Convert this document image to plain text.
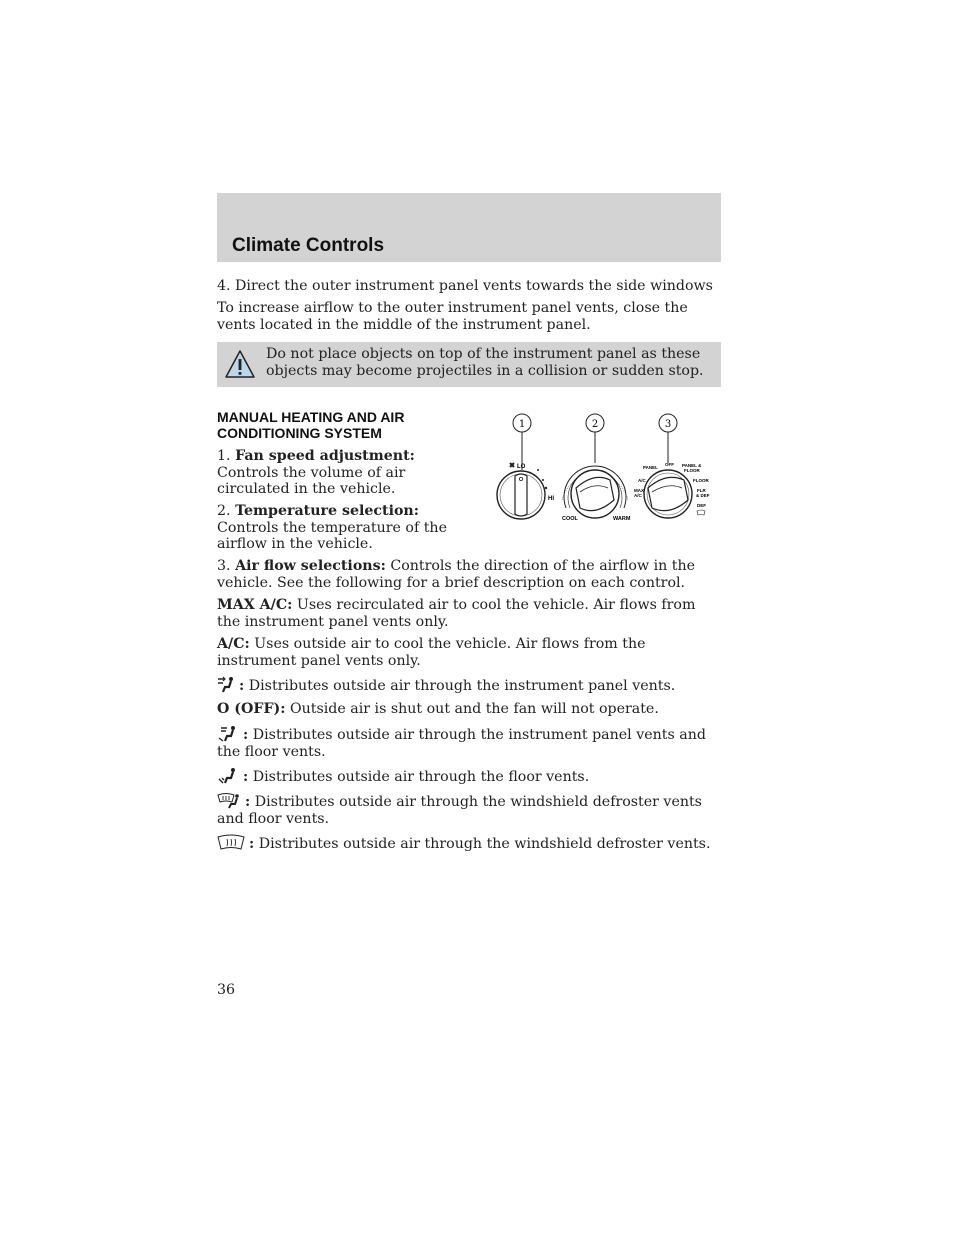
Climate Controls

4. Direct the outer instrument panel vents towards the side windows

To increase airflow to the outer instrument panel vents, close the vents located in the middle of the instrument panel.

Do not place objects on top of the instrument panel as these objects may become projectiles in a collision or sudden stop.
MANUAL HEATING AND AIR CONDITIONING SYSTEM

1. Fan speed adjustment: Controls the volume of air circulated in the vehicle.

2. Temperature selection: Controls the temperature of the airflow in the vehicle.

3. Air flow selections: Controls the direction of the airflow in the vehicle. See the following for a brief description on each control.

1	2	3
LO
HI
COOL	WARM
PANEL
OFF PANEL &
FLOOR
A/C	FLOOR
MAX
A/C
FLR
& DEF
DEF

MAX A/C: Uses recirculated air to cool the vehicle. Air flows from the instrument panel vents only.

A/C: Uses outside air to cool the vehicle. Air flows from the instrument panel vents only.

: Distributes outside air through the instrument panel vents.

O (OFF): Outside air is shut out and the fan will not operate.

: Distributes outside air through the instrument panel vents and the floor vents.

: Distributes outside air through the floor vents.

: Distributes outside air through the windshield defroster vents and floor vents.

: Distributes outside air through the windshield defroster vents.

36
